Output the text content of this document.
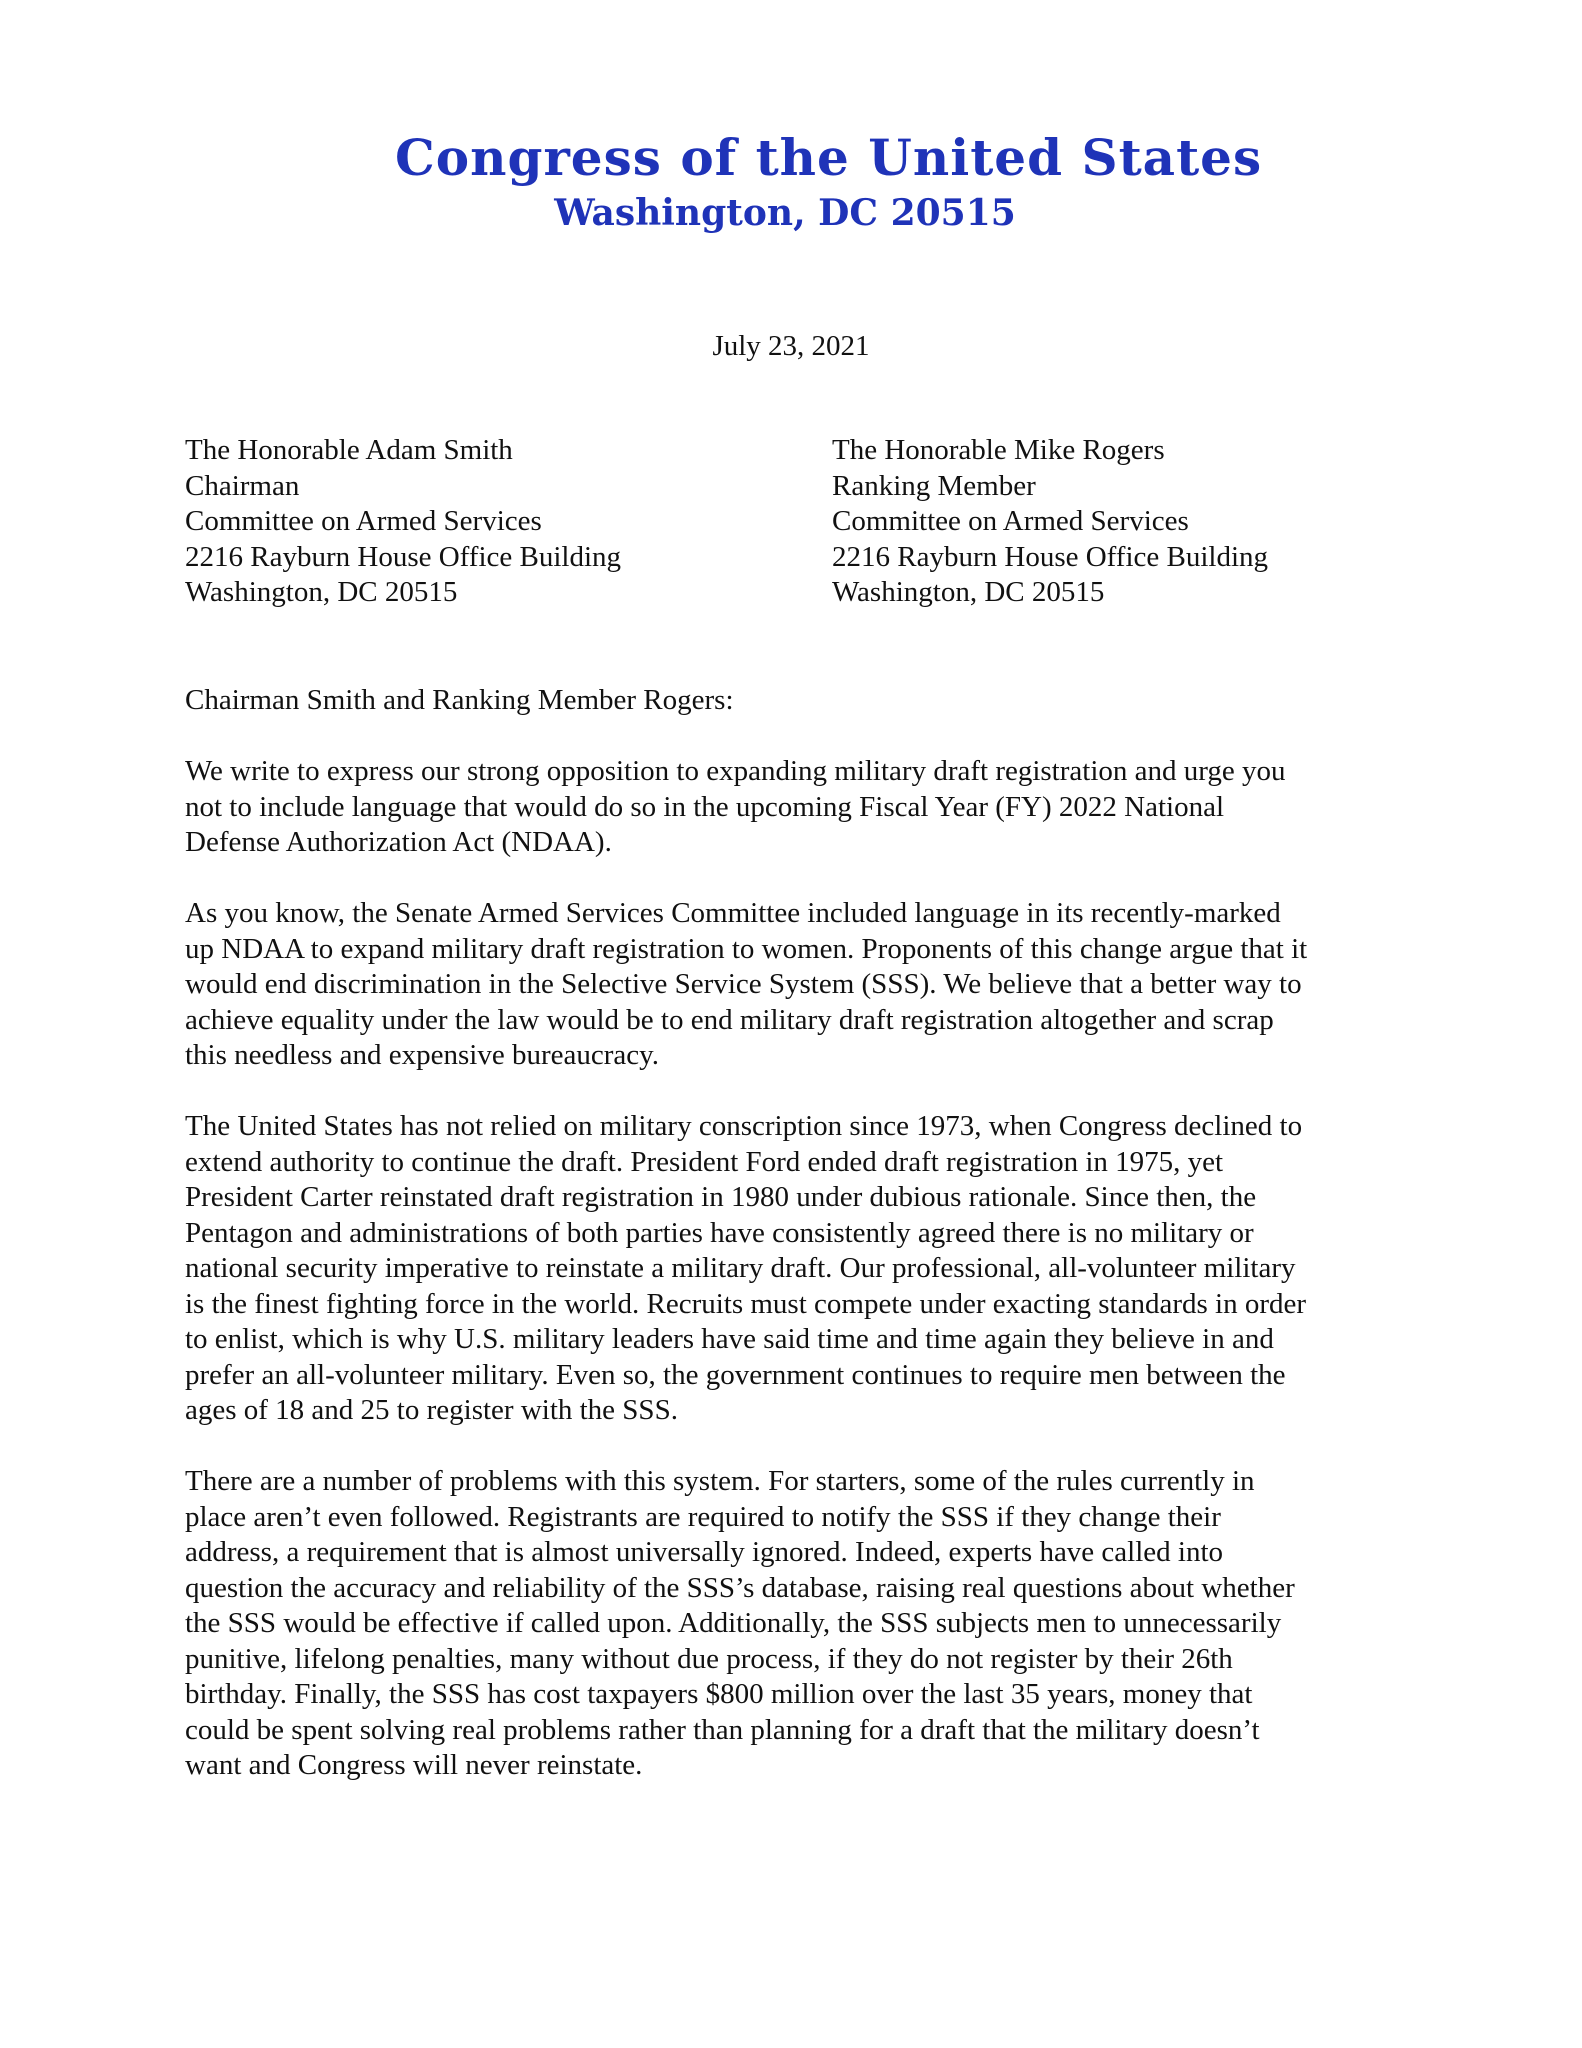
Congress of the United States
Washington, DC 20515
July 23, 2021
The Honorable Adam Smith
Chairman
Committee on Armed Services
2216 Rayburn House Office Building
Washington, DC 20515
The Honorable Mike Rogers
Ranking Member
Committee on Armed Services
2216 Rayburn House Office Building
Washington, DC 20515

Chairman Smith and Ranking Member Rogers:

We write to express our strong opposition to expanding military draft registration and urge you
not to include language that would do so in the upcoming Fiscal Year (FY) 2022 National
Defense Authorization Act (NDAA).

As you know, the Senate Armed Services Committee included language in its recently-marked
up NDAA to expand military draft registration to women. Proponents of this change argue that it
would end discrimination in the Selective Service System (SSS). We believe that a better way to
achieve equality under the law would be to end military draft registration altogether and scrap
this needless and expensive bureaucracy.

The United States has not relied on military conscription since 1973, when Congress declined to
extend authority to continue the draft. President Ford ended draft registration in 1975, yet
President Carter reinstated draft registration in 1980 under dubious rationale. Since then, the
Pentagon and administrations of both parties have consistently agreed there is no military or
national security imperative to reinstate a military draft. Our professional, all-volunteer military
is the finest fighting force in the world. Recruits must compete under exacting standards in order
to enlist, which is why U.S. military leaders have said time and time again they believe in and
prefer an all-volunteer military. Even so, the government continues to require men between the
ages of 18 and 25 to register with the SSS.

There are a number of problems with this system. For starters, some of the rules currently in
place aren’t even followed. Registrants are required to notify the SSS if they change their
address, a requirement that is almost universally ignored. Indeed, experts have called into
question the accuracy and reliability of the SSS’s database, raising real questions about whether
the SSS would be effective if called upon. Additionally, the SSS subjects men to unnecessarily
punitive, lifelong penalties, many without due process, if they do not register by their 26th
birthday. Finally, the SSS has cost taxpayers $800 million over the last 35 years, money that
could be spent solving real problems rather than planning for a draft that the military doesn’t
want and Congress will never reinstate.
